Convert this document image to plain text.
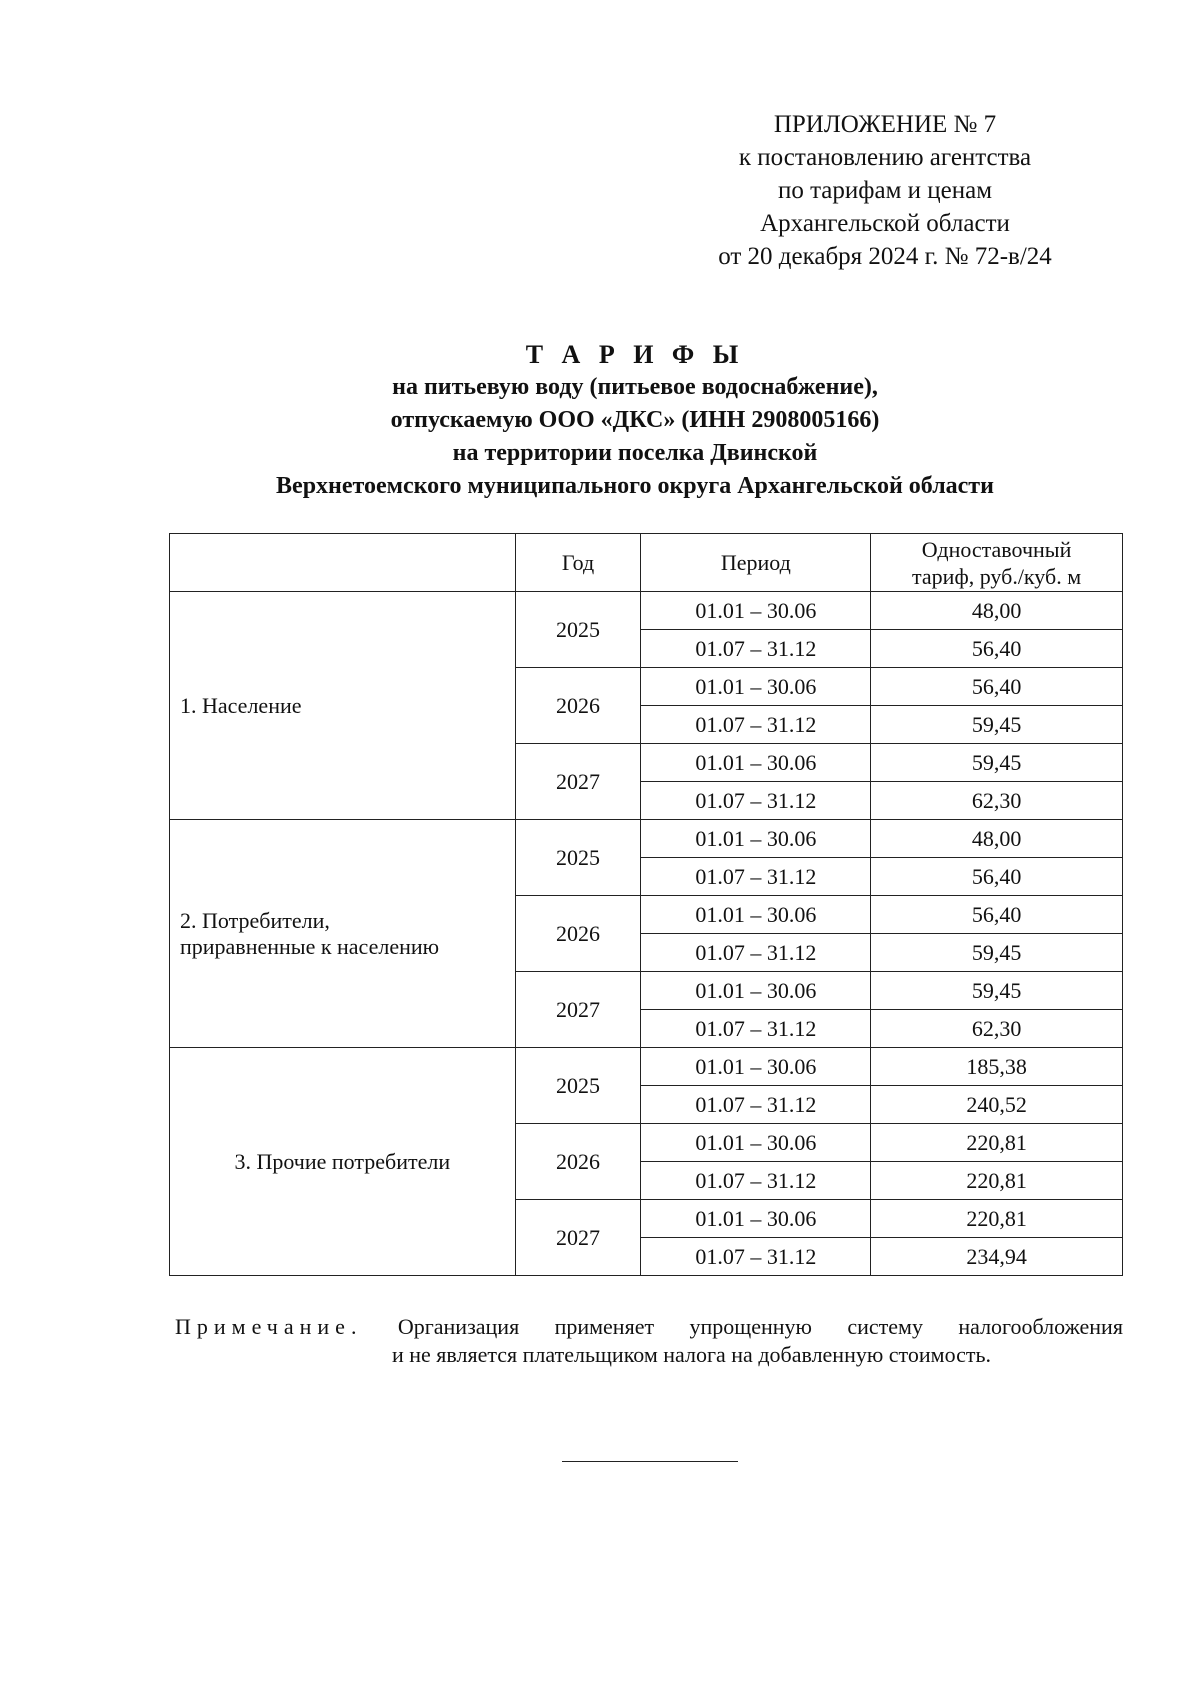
ПРИЛОЖЕНИЕ № 7
к постановлению агентства
по тарифам и ценам
Архангельской области
от 20 декабря 2024 г. № 72-в/24
Т А Р И Ф Ы
на питьевую воду (питьевое водоснабжение),
отпускаемую ООО «ДКС» (ИНН 2908005166)
на территории поселка Двинской
Верхнетоемского муниципального округа Архангельской области
	Год	Период	Одноставочный
тариф, руб./куб. м

1. Население	2025	01.01 – 30.06	48,00
		01.07 – 31.12	56,40
	2026	01.01 – 30.06	56,40
		01.07 – 31.12	59,45
	2027	01.01 – 30.06	59,45
		01.07 – 31.12	62,30

2. Потребители,
приравненные к населению	2025	01.01 – 30.06	48,00
		01.07 – 31.12	56,40
	2026	01.01 – 30.06	56,40
		01.07 – 31.12	59,45
	2027	01.01 – 30.06	59,45
		01.07 – 31.12	62,30

3. Прочие потребители	2025	01.01 – 30.06	185,38
		01.07 – 31.12	240,52
	2026	01.01 – 30.06	220,81
		01.07 – 31.12	220,81
	2027	01.01 – 30.06	220,81
		01.07 – 31.12	234,94
Примечание. Организация применяет упрощенную систему налогообложения
и не является плательщиком налога на добавленную стоимость.
